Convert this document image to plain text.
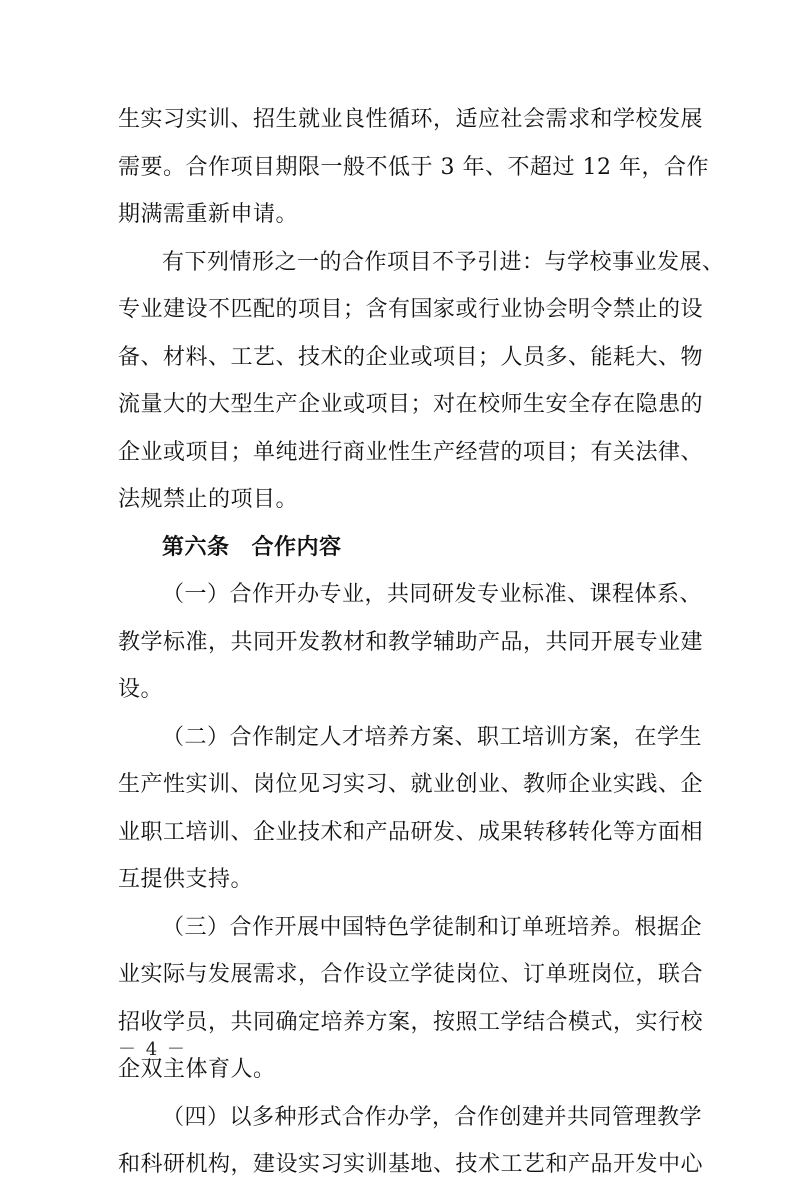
生实习实训、招生就业良性循环，适应社会需求和学校发展
需要。合作项目期限一般不低于 3 年、不超过 12 年，合作
期满需重新申请。
有下列情形之一的合作项目不予引进：与学校事业发展、
专业建设不匹配的项目；含有国家或行业协会明令禁止的设
备、材料、工艺、技术的企业或项目；人员多、能耗大、物
流量大的大型生产企业或项目；对在校师生安全存在隐患的
企业或项目；单纯进行商业性生产经营的项目；有关法律、
法规禁止的项目。
第六条 合作内容
（一）合作开办专业，共同研发专业标准、课程体系、
教学标准，共同开发教材和教学辅助产品，共同开展专业建
设。
（二）合作制定人才培养方案、职工培训方案，在学生
生产性实训、岗位见习实习、就业创业、教师企业实践、企
业职工培训、企业技术和产品研发、成果转移转化等方面相
互提供支持。
（三）合作开展中国特色学徒制和订单班培养。根据企
业实际与发展需求，合作设立学徒岗位、订单班岗位，联合
招收学员，共同确定培养方案，按照工学结合模式，实行校
企双主体育人。
（四）以多种形式合作办学，合作创建并共同管理教学
和科研机构，建设实习实训基地、技术工艺和产品开发中心
－ 4 －
